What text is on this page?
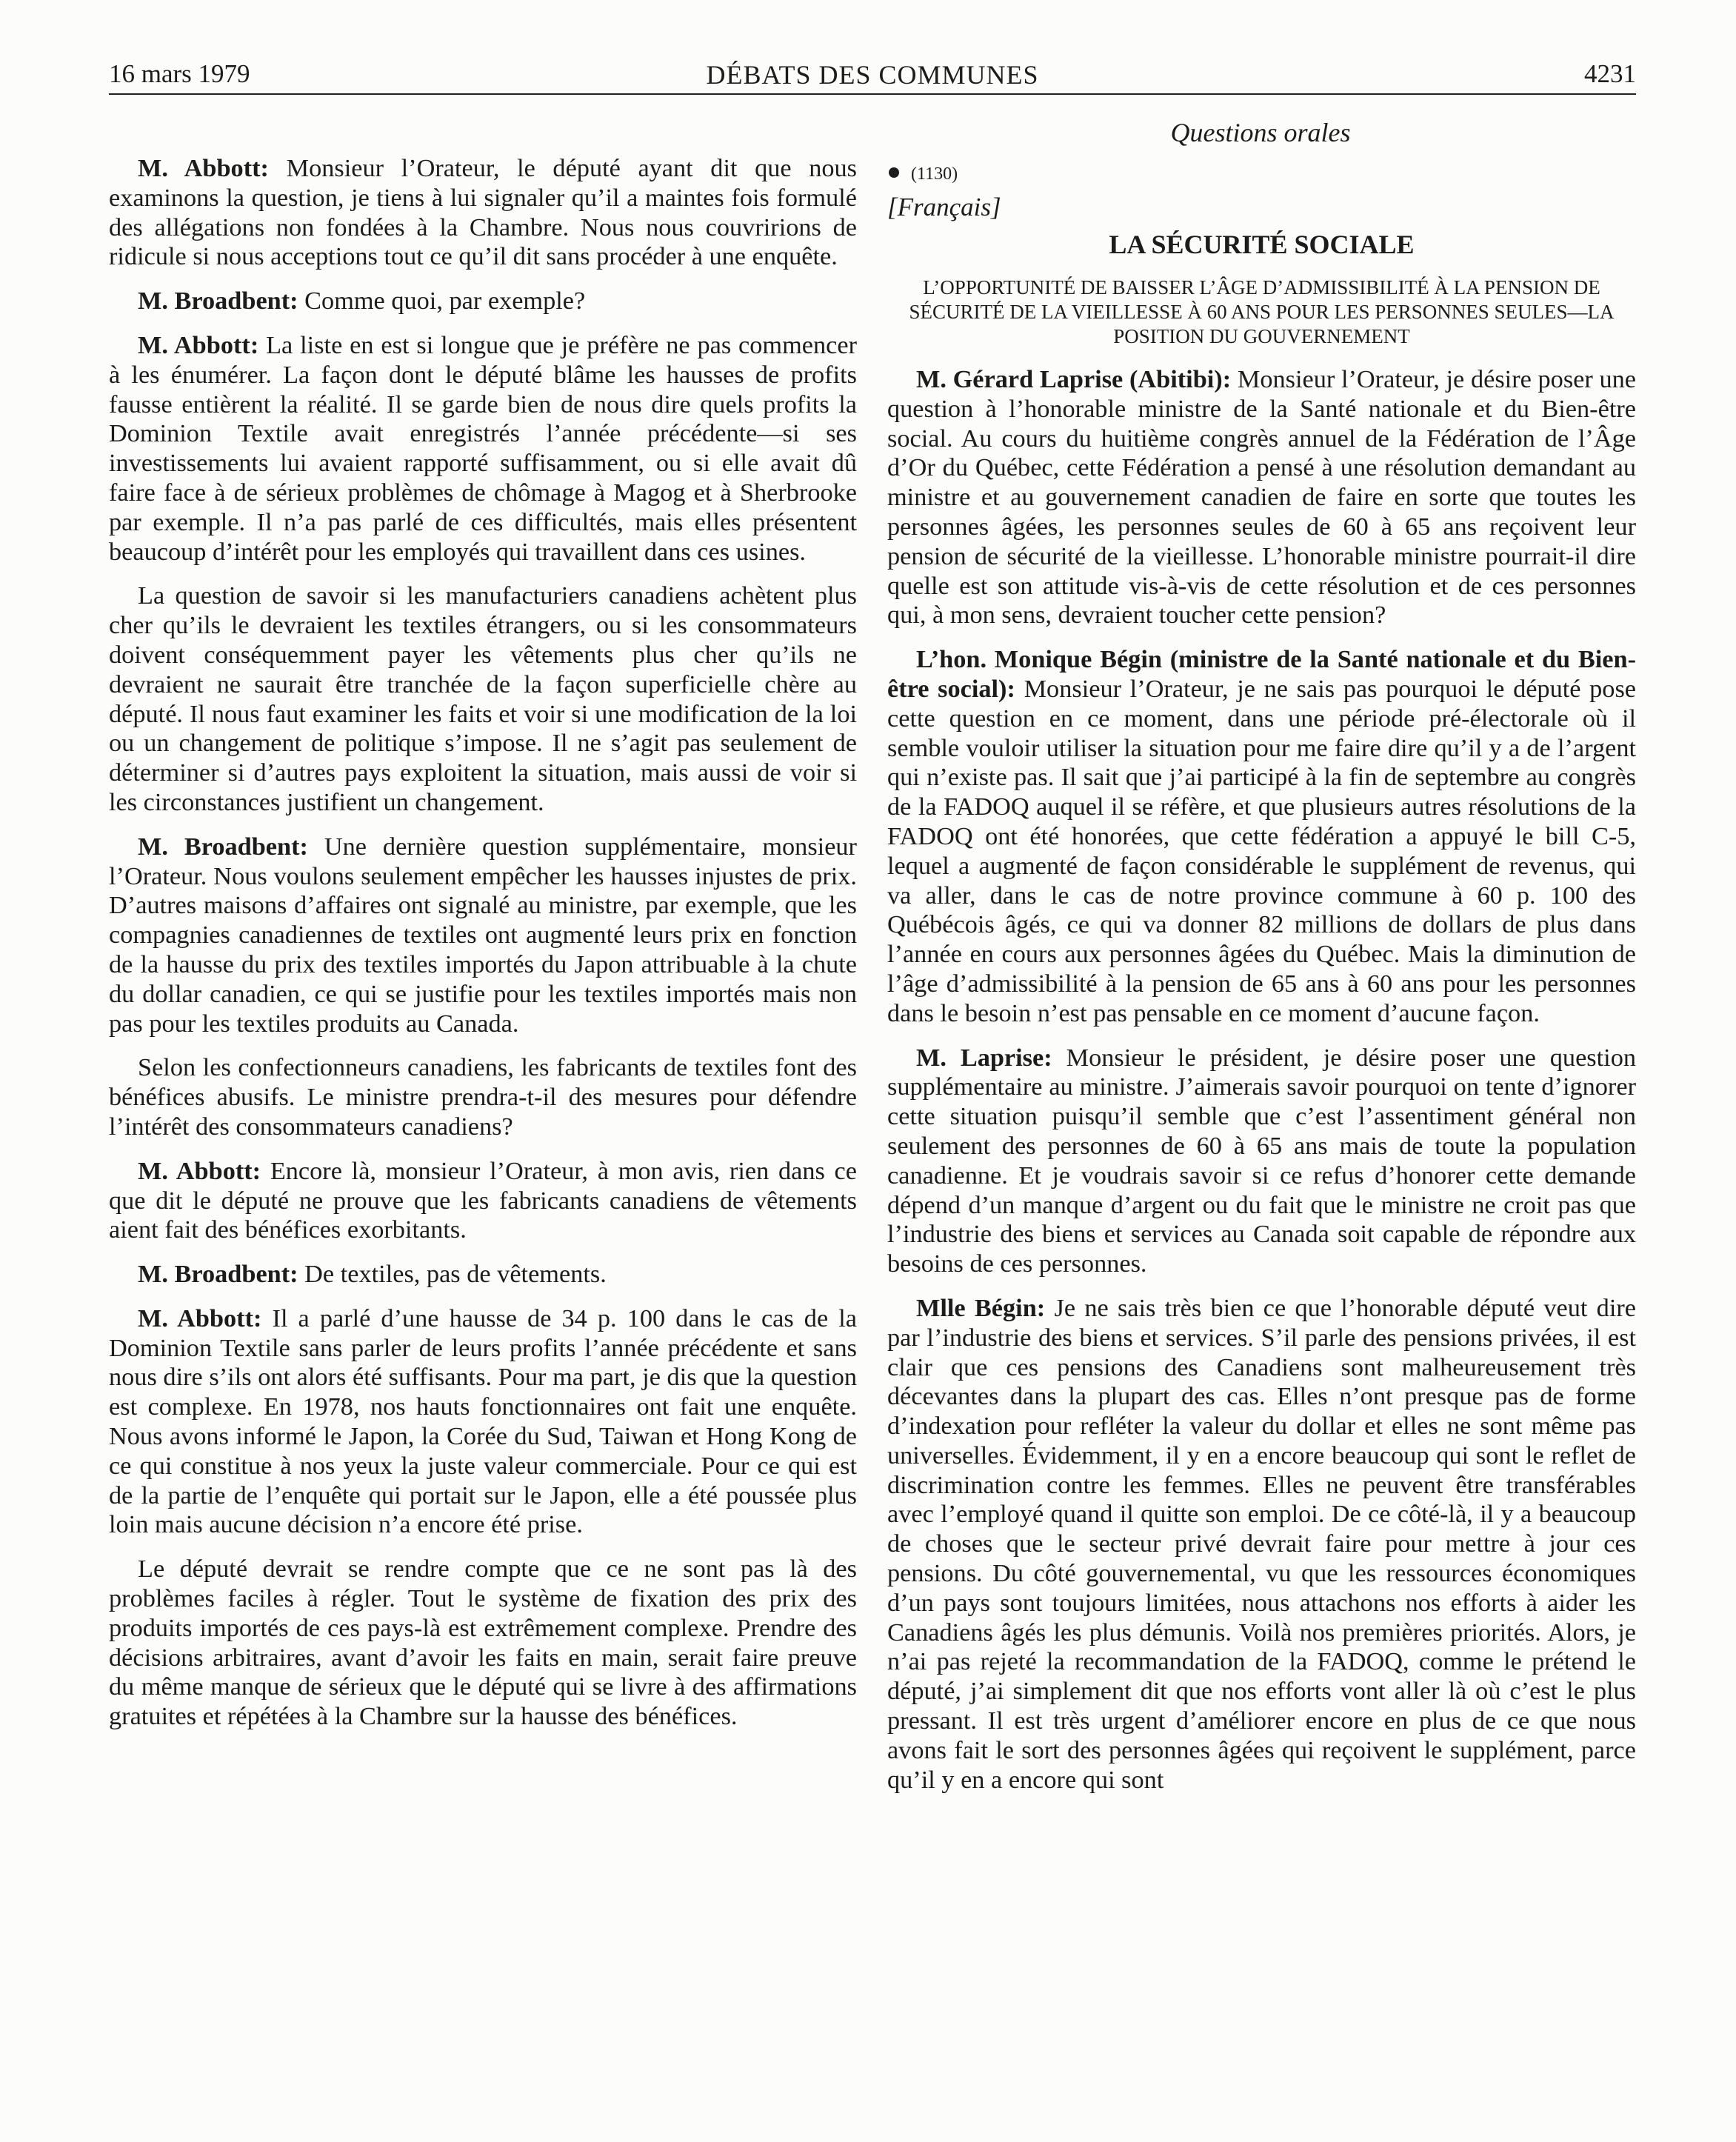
16 mars 1979	DÉBATS DES COMMUNES	4231
Questions orales

M. Abbott: Monsieur l’Orateur, le député ayant dit que nous examinons la question, je tiens à lui signaler qu’il a maintes fois formulé des allégations non fondées à la Chambre. Nous nous couvririons de ridicule si nous acceptions tout ce qu’il dit sans procéder à une enquête.

M. Broadbent: Comme quoi, par exemple?

M. Abbott: La liste en est si longue que je préfère ne pas commencer à les énumérer. La façon dont le député blâme les hausses de profits fausse entièrent la réalité. Il se garde bien de nous dire quels profits la Dominion Textile avait enregistrés l’année précédente—si ses investissements lui avaient rapporté suffisamment, ou si elle avait dû faire face à de sérieux problèmes de chômage à Magog et à Sherbrooke par exemple. Il n’a pas parlé de ces difficultés, mais elles présentent beaucoup d’intérêt pour les employés qui travaillent dans ces usines.

La question de savoir si les manufacturiers canadiens achètent plus cher qu’ils le devraient les textiles étrangers, ou si les consommateurs doivent conséquemment payer les vêtements plus cher qu’ils ne devraient ne saurait être tranchée de la façon superficielle chère au député. Il nous faut examiner les faits et voir si une modification de la loi ou un changement de politique s’impose. Il ne s’agit pas seulement de déterminer si d’autres pays exploitent la situation, mais aussi de voir si les circonstances justifient un changement.

M. Broadbent: Une dernière question supplémentaire, monsieur l’Orateur. Nous voulons seulement empêcher les hausses injustes de prix. D’autres maisons d’affaires ont signalé au ministre, par exemple, que les compagnies canadiennes de textiles ont augmenté leurs prix en fonction de la hausse du prix des textiles importés du Japon attribuable à la chute du dollar canadien, ce qui se justifie pour les textiles importés mais non pas pour les textiles produits au Canada.

Selon les confectionneurs canadiens, les fabricants de textiles font des bénéfices abusifs. Le ministre prendra-t-il des mesures pour défendre l’intérêt des consommateurs canadiens?

M. Abbott: Encore là, monsieur l’Orateur, à mon avis, rien dans ce que dit le député ne prouve que les fabricants canadiens de vêtements aient fait des bénéfices exorbitants.

M. Broadbent: De textiles, pas de vêtements.

M. Abbott: Il a parlé d’une hausse de 34 p. 100 dans le cas de la Dominion Textile sans parler de leurs profits l’année précédente et sans nous dire s’ils ont alors été suffisants. Pour ma part, je dis que la question est complexe. En 1978, nos hauts fonctionnaires ont fait une enquête. Nous avons informé le Japon, la Corée du Sud, Taiwan et Hong Kong de ce qui constitue à nos yeux la juste valeur commerciale. Pour ce qui est de la partie de l’enquête qui portait sur le Japon, elle a été poussée plus loin mais aucune décision n’a encore été prise.

Le député devrait se rendre compte que ce ne sont pas là des problèmes faciles à régler. Tout le système de fixation des prix des produits importés de ces pays-là est extrêmement complexe. Prendre des décisions arbitraires, avant d’avoir les faits en main, serait faire preuve du même manque de sérieux que le député qui se livre à des affirmations gratuites et répétées à la Chambre sur la hausse des bénéfices.

(1130)
[Français]
LA SÉCURITÉ SOCIALE
L’OPPORTUNITÉ DE BAISSER L’ÂGE D’ADMISSIBILITÉ À LA PENSION DE SÉCURITÉ DE LA VIEILLESSE À 60 ANS POUR LES PERSONNES SEULES—LA POSITION DU GOUVERNEMENT

M. Gérard Laprise (Abitibi): Monsieur l’Orateur, je désire poser une question à l’honorable ministre de la Santé nationale et du Bien-être social. Au cours du huitième congrès annuel de la Fédération de l’Âge d’Or du Québec, cette Fédération a pensé à une résolution demandant au ministre et au gouvernement canadien de faire en sorte que toutes les personnes âgées, les personnes seules de 60 à 65 ans reçoivent leur pension de sécurité de la vieillesse. L’honorable ministre pourrait-il dire quelle est son attitude vis-à-vis de cette résolution et de ces personnes qui, à mon sens, devraient toucher cette pension?

L’hon. Monique Bégin (ministre de la Santé nationale et du Bien-être social): Monsieur l’Orateur, je ne sais pas pourquoi le député pose cette question en ce moment, dans une période pré-électorale où il semble vouloir utiliser la situation pour me faire dire qu’il y a de l’argent qui n’existe pas. Il sait que j’ai participé à la fin de septembre au congrès de la FADOQ auquel il se réfère, et que plusieurs autres résolutions de la FADOQ ont été honorées, que cette fédération a appuyé le bill C-5, lequel a augmenté de façon considérable le supplément de revenus, qui va aller, dans le cas de notre province commune à 60 p. 100 des Québécois âgés, ce qui va donner 82 millions de dollars de plus dans l’année en cours aux personnes âgées du Québec. Mais la diminution de l’âge d’admissibilité à la pension de 65 ans à 60 ans pour les personnes dans le besoin n’est pas pensable en ce moment d’aucune façon.

M. Laprise: Monsieur le président, je désire poser une question supplémentaire au ministre. J’aimerais savoir pourquoi on tente d’ignorer cette situation puisqu’il semble que c’est l’assentiment général non seulement des personnes de 60 à 65 ans mais de toute la population canadienne. Et je voudrais savoir si ce refus d’honorer cette demande dépend d’un manque d’argent ou du fait que le ministre ne croit pas que l’industrie des biens et services au Canada soit capable de répondre aux besoins de ces personnes.

Mlle Bégin: Je ne sais très bien ce que l’honorable député veut dire par l’industrie des biens et services. S’il parle des pensions privées, il est clair que ces pensions des Canadiens sont malheureusement très décevantes dans la plupart des cas. Elles n’ont presque pas de forme d’indexation pour refléter la valeur du dollar et elles ne sont même pas universelles. Évidemment, il y en a encore beaucoup qui sont le reflet de discrimination contre les femmes. Elles ne peuvent être transférables avec l’employé quand il quitte son emploi. De ce côté-là, il y a beaucoup de choses que le secteur privé devrait faire pour mettre à jour ces pensions. Du côté gouvernemental, vu que les ressources économiques d’un pays sont toujours limitées, nous attachons nos efforts à aider les Canadiens âgés les plus démunis. Voilà nos premières priorités. Alors, je n’ai pas rejeté la recommandation de la FADOQ, comme le prétend le député, j’ai simplement dit que nos efforts vont aller là où c’est le plus pressant. Il est très urgent d’améliorer encore en plus de ce que nous avons fait le sort des personnes âgées qui reçoivent le supplément, parce qu’il y en a encore qui sont
